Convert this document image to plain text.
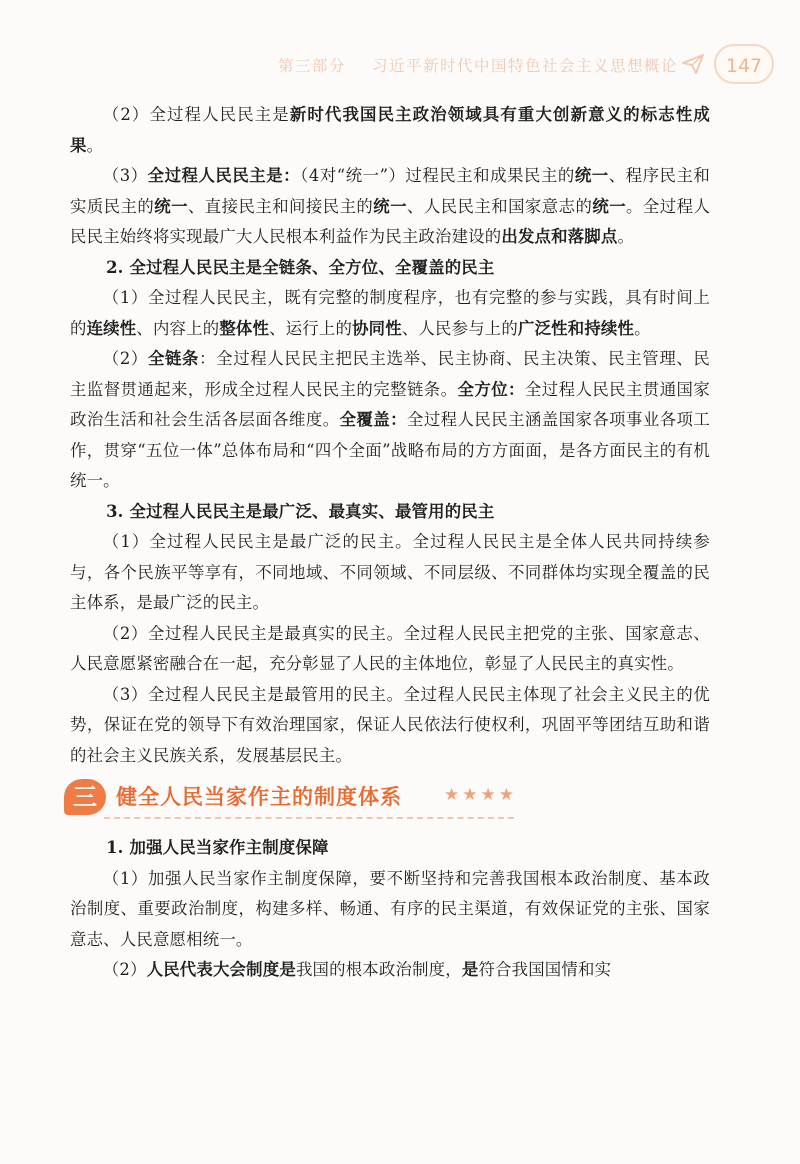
第三部分 习近平新时代中国特色社会主义思想概论	147

（2）全过程人民民主是新时代我国民主政治领域具有重大创新意义的标志性成果。

（3）全过程人民民主是：（4对“统一”）过程民主和成果民主的统一、程序民主和实质民主的统一、直接民主和间接民主的统一、人民民主和国家意志的统一。全过程人民民主始终将实现最广大人民根本利益作为民主政治建设的出发点和落脚点。

2. 全过程人民民主是全链条、全方位、全覆盖的民主

（1）全过程人民民主，既有完整的制度程序，也有完整的参与实践，具有时间上的连续性、内容上的整体性、运行上的协同性、人民参与上的广泛性和持续性。

（2）全链条：全过程人民民主把民主选举、民主协商、民主决策、民主管理、民主监督贯通起来，形成全过程人民民主的完整链条。全方位：全过程人民民主贯通国家政治生活和社会生活各层面各维度。全覆盖：全过程人民民主涵盖国家各项事业各项工作，贯穿“五位一体”总体布局和“四个全面”战略布局的方方面面，是各方面民主的有机统一。

3. 全过程人民民主是最广泛、最真实、最管用的民主

（1）全过程人民民主是最广泛的民主。全过程人民民主是全体人民共同持续参与，各个民族平等享有，不同地域、不同领域、不同层级、不同群体均实现全覆盖的民主体系，是最广泛的民主。

（2）全过程人民民主是最真实的民主。全过程人民民主把党的主张、国家意志、人民意愿紧密融合在一起，充分彰显了人民的主体地位，彰显了人民民主的真实性。

（3）全过程人民民主是最管用的民主。全过程人民民主体现了社会主义民主的优势，保证在党的领导下有效治理国家，保证人民依法行使权利，巩固平等团结互助和谐的社会主义民族关系，发展基层民主。

三 健全人民当家作主的制度体系 ★★★★
1. 加强人民当家作主制度保障

（1）加强人民当家作主制度保障，要不断坚持和完善我国根本政治制度、基本政治制度、重要政治制度，构建多样、畅通、有序的民主渠道，有效保证党的主张、国家意志、人民意愿相统一。

（2）人民代表大会制度是我国的根本政治制度，是符合我国国情和实
